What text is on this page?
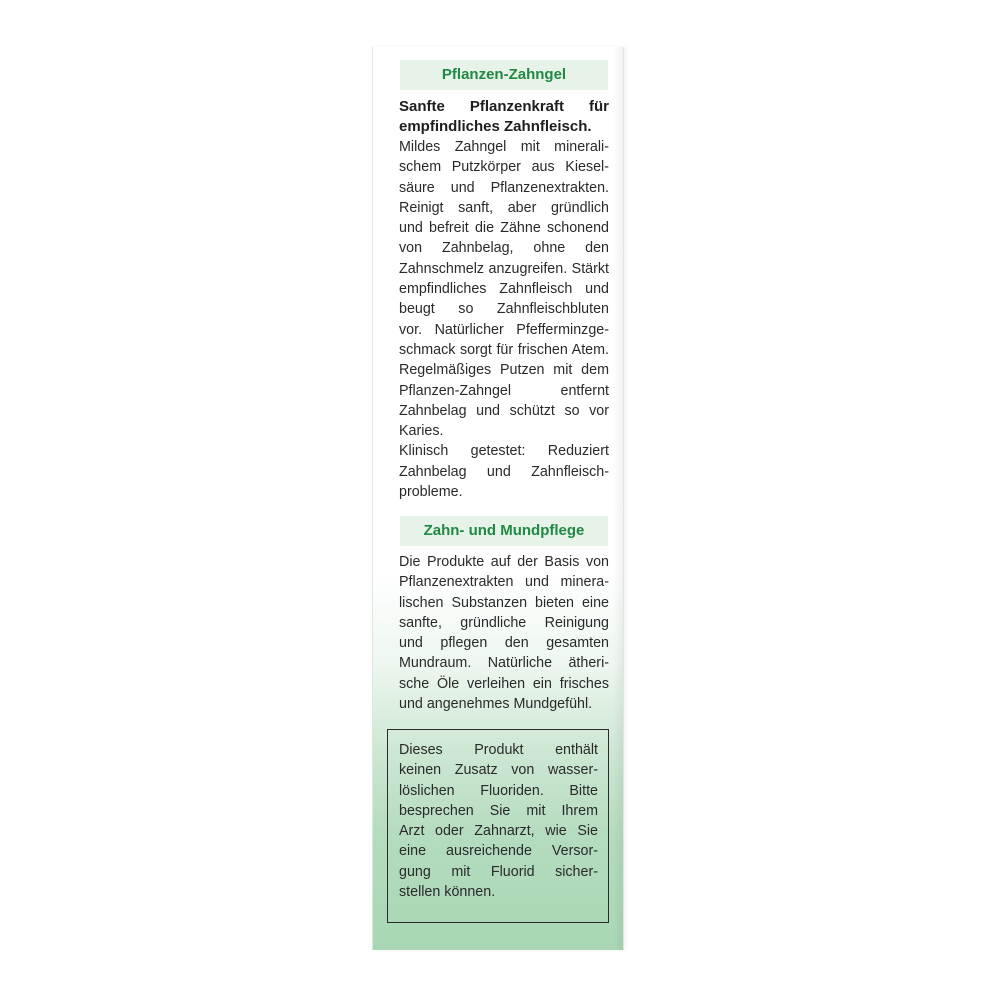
Pflanzen-Zahngel
Sanfte Pflanzenkraft für
empfindliches Zahnfleisch.
Mildes Zahngel mit minerali-
schem Putzkörper aus Kiesel-
säure und Pflanzenextrakten.
Reinigt sanft, aber gründlich
und befreit die Zähne schonend
von Zahnbelag, ohne den
Zahnschmelz anzugreifen. Stärkt
empfindliches Zahnfleisch und
beugt so Zahnfleischbluten
vor. Natürlicher Pfefferminzge-
schmack sorgt für frischen Atem.
Regelmäßiges Putzen mit dem
Pflanzen-Zahngel entfernt
Zahnbelag und schützt so vor
Karies.
Klinisch getestet: Reduziert
Zahnbelag und Zahnfleisch-
probleme.
Zahn- und Mundpflege
Die Produkte auf der Basis von
Pflanzenextrakten und minera-
lischen Substanzen bieten eine
sanfte, gründliche Reinigung
und pflegen den gesamten
Mundraum. Natürliche ätheri-
sche Öle verleihen ein frisches
und angenehmes Mundgefühl.
Dieses Produkt enthält
keinen Zusatz von wasser-
löslichen Fluoriden. Bitte
besprechen Sie mit Ihrem
Arzt oder Zahnarzt, wie Sie
eine ausreichende Versor-
gung mit Fluorid sicher-
stellen können.
